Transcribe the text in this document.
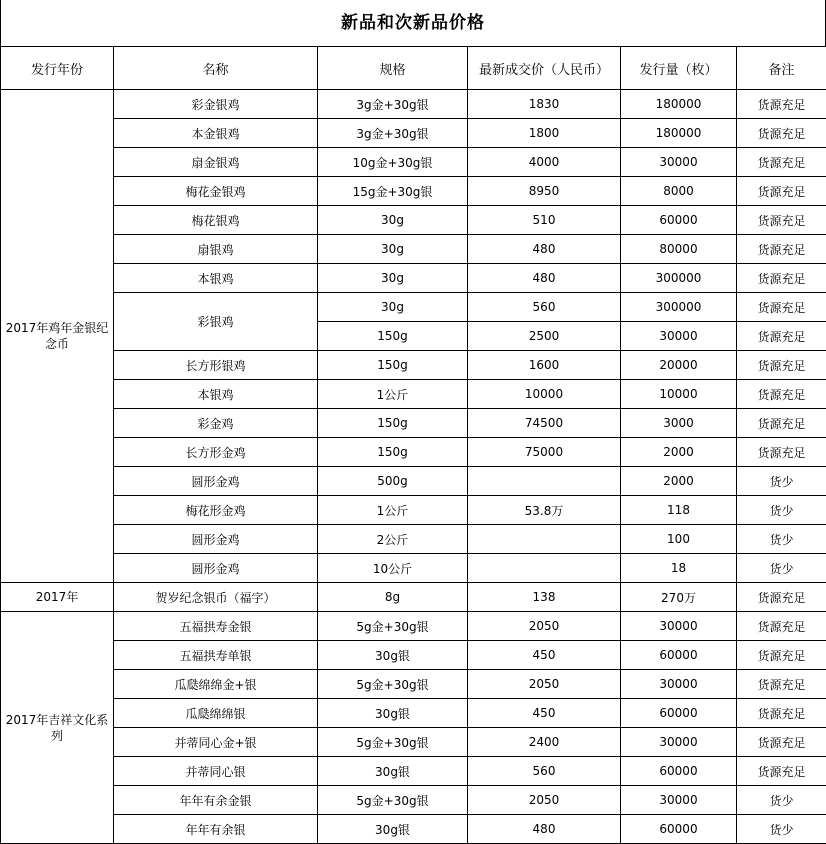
新品和次新品价格
发行年份	名称	规格	最新成交价（人民币）	发行量（枚）	备注
2017年鸡年金银纪念币	彩金银鸡	3g金+30g银	1830	180000	货源充足
	本金银鸡	3g金+30g银	1800	180000	货源充足
	扇金银鸡	10g金+30g银	4000	30000	货源充足
	梅花金银鸡	15g金+30g银	8950	8000	货源充足
	梅花银鸡	30g	510	60000	货源充足
	扇银鸡	30g	480	80000	货源充足
	本银鸡	30g	480	300000	货源充足
	彩银鸡	30g	560	300000	货源充足
		150g	2500	30000	货源充足
	长方形银鸡	150g	1600	20000	货源充足
	本银鸡	1公斤	10000	10000	货源充足
	彩金鸡	150g	74500	3000	货源充足
	长方形金鸡	150g	75000	2000	货源充足
	圆形金鸡	500g		2000	货少
	梅花形金鸡	1公斤	53.8万	118	货少
	圆形金鸡	2公斤		100	货少
	圆形金鸡	10公斤		18	货少
2017年	贺岁纪念银币（福字）	8g	138	270万	货源充足
2017年吉祥文化系列	五福拱寿金银	5g金+30g银	2050	30000	货源充足
	五福拱寿单银	30g银	450	60000	货源充足
	瓜瓞绵绵金+银	5g金+30g银	2050	30000	货源充足
	瓜瓞绵绵银	30g银	450	60000	货源充足
	并蒂同心金+银	5g金+30g银	2400	30000	货源充足
	并蒂同心银	30g银	560	60000	货源充足
	年年有余金银	5g金+30g银	2050	30000	货少
	年年有余银	30g银	480	60000	货少
